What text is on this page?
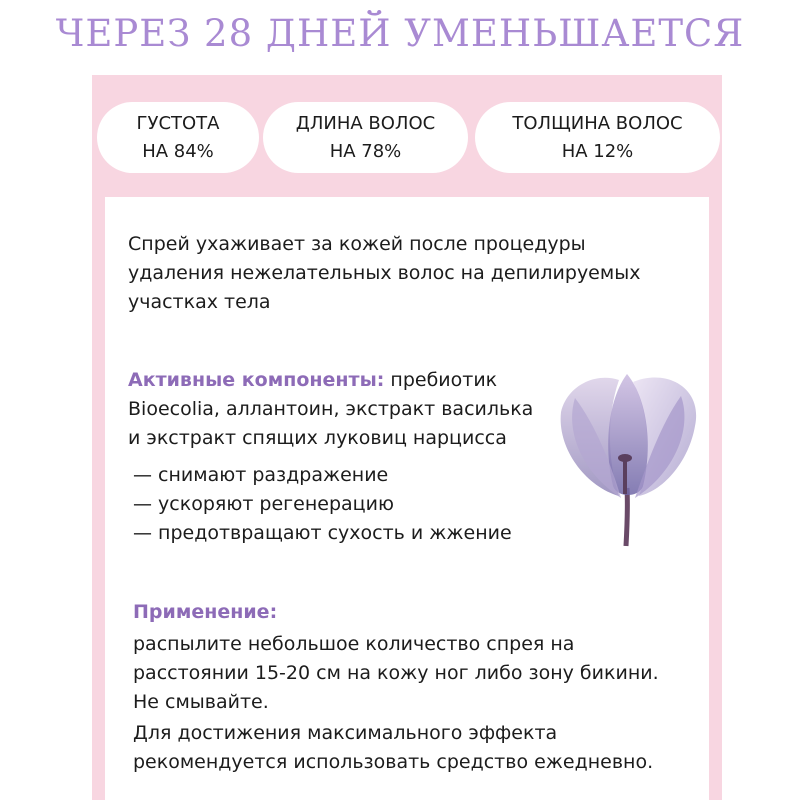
ЧЕРЕЗ 28 ДНЕЙ УМЕНЬШАЕТСЯ
ГУСТОТА
НА 84%
ДЛИНА ВОЛОС
НА 78%
ТОЛЩИНА ВОЛОС
НА 12%
Спрей ухаживает за кожей после процедуры
удаления нежелательных волос на депилируемых
участках тела
Активные компоненты: пребиотик
Bioecolia, аллантоин, экстракт василька
и экстракт спящих луковиц нарцисса
— снимают раздражение
— ускоряют регенерацию
— предотвращают сухость и жжение
Применение:
распылите небольшое количество спрея на
расстоянии 15-20 см на кожу ног либо зону бикини.
Не смывайте.
Для достижения максимального эффекта
рекомендуется использовать средство ежедневно.
